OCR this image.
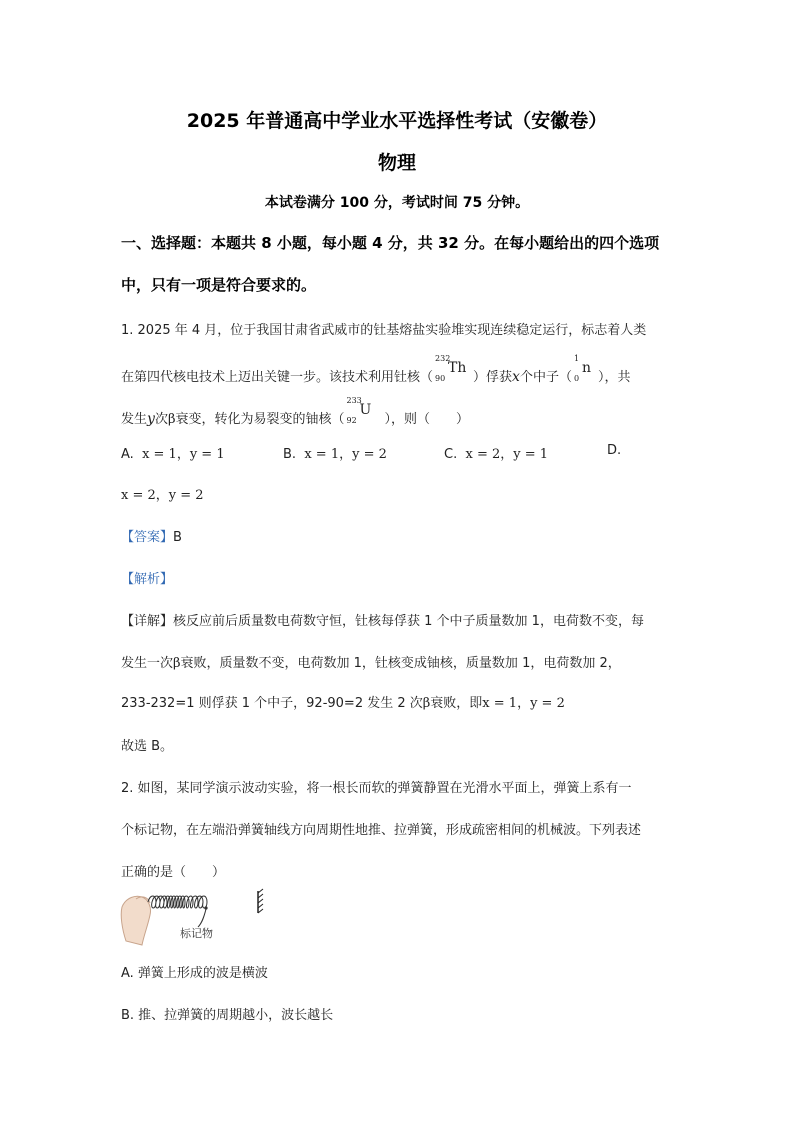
2025 年普通高中学业水平选择性考试（安徽卷）
物理
本试卷满分 100 分，考试时间 75 分钟。
一、选择题：本题共 8 小题，每小题 4 分，共 32 分。在每小题给出的四个选项
中，只有一项是符合要求的。
1. 2025 年 4 月，位于我国甘肃省武威市的钍基熔盐实验堆实现连续稳定运行，标志着人类
在第四代核电技术上迈出关键一步。该技术利用钍核（
232
90
Th
）俘获x个中子（
1
0
n
），共
发生y次β衰变，转化为易裂变的铀核（
233
92
U
），则（　　）
A. x = 1，y = 1	B. x = 1，y = 2	C. x = 2，y = 1	D.
x = 2，y = 2
【答案】B
【解析】
【详解】核反应前后质量数电荷数守恒，钍核每俘获 1 个中子质量数加 1，电荷数不变，每
发生一次β衰败，质量数不变，电荷数加 1，钍核变成铀核，质量数加 1，电荷数加 2，
233-232=1 则俘获 1 个中子，92-90=2 发生 2 次β衰败，即x = 1，y = 2
故选 B。
2. 如图，某同学演示波动实验，将一根长而软的弹簧静置在光滑水平面上，弹簧上系有一
个标记物，在左端沿弹簧轴线方向周期性地推、拉弹簧，形成疏密相间的机械波。下列表述
正确的是（　　）
标记物
A. 弹簧上形成的波是横波
B. 推、拉弹簧的周期越小，波长越长
